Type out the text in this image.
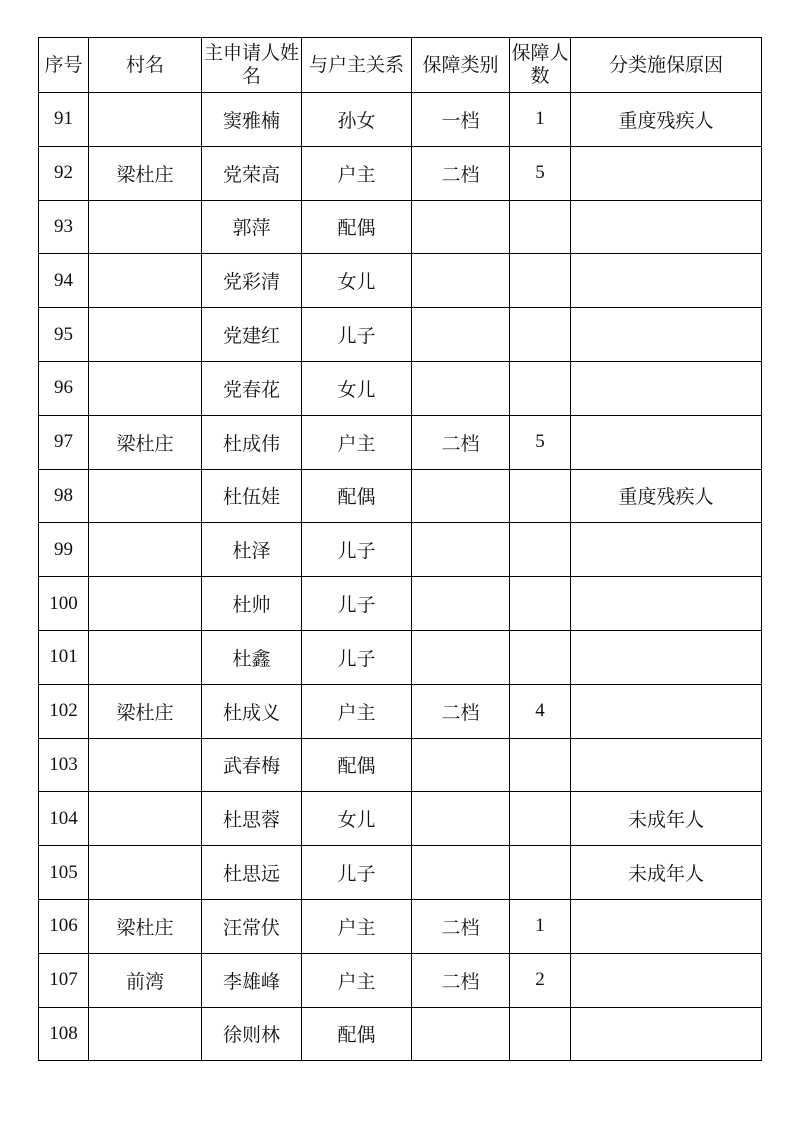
序号	村名	主申请人姓名	与户主关系	保障类别	保障人数	分类施保原因
91		窦雅楠	孙女	一档	1	重度残疾人
92	梁杜庄	党荣高	户主	二档	5	
93		郭萍	配偶			
94		党彩清	女儿			
95		党建红	儿子			
96		党春花	女儿			
97	梁杜庄	杜成伟	户主	二档	5	
98		杜伍娃	配偶			重度残疾人
99		杜泽	儿子			
100		杜帅	儿子			
101		杜鑫	儿子			
102	梁杜庄	杜成义	户主	二档	4	
103		武春梅	配偶			
104		杜思蓉	女儿			未成年人
105		杜思远	儿子			未成年人
106	梁杜庄	汪常伏	户主	二档	1	
107	前湾	李雄峰	户主	二档	2	
108		徐则林	配偶			
